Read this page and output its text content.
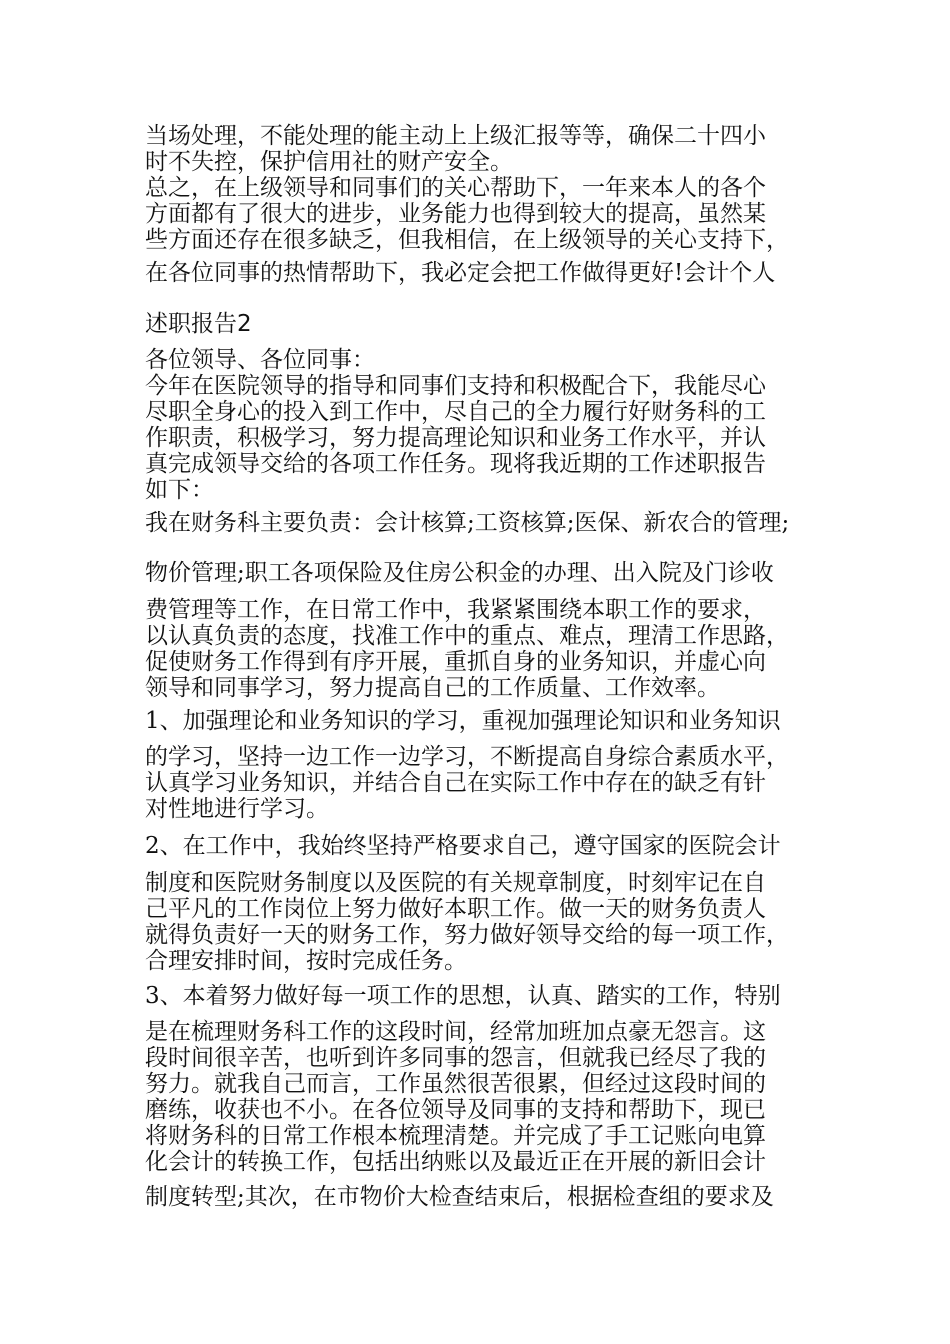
当场处理，不能处理的能主动上上级汇报等等，确保二十四小
时不失控，保护信用社的财产安全。
总之，在上级领导和同事们的关心帮助下，一年来本人的各个
方面都有了很大的进步，业务能力也得到较大的提高，虽然某
些方面还存在很多缺乏，但我相信，在上级领导的关心支持下，
在各位同事的热情帮助下，我必定会把工作做得更好!会计个人
述职报告2
各位领导、各位同事：
今年在医院领导的指导和同事们支持和积极配合下，我能尽心
尽职全身心的投入到工作中，尽自己的全力履行好财务科的工
作职责，积极学习，努力提高理论知识和业务工作水平，并认
真完成领导交给的各项工作任务。现将我近期的工作述职报告
如下：
我在财务科主要负责：会计核算;工资核算;医保、新农合的管理;
物价管理;职工各项保险及住房公积金的办理、出入院及门诊收
费管理等工作，在日常工作中，我紧紧围绕本职工作的要求，
以认真负责的态度，找准工作中的重点、难点，理清工作思路，
促使财务工作得到有序开展，重抓自身的业务知识，并虚心向
领导和同事学习，努力提高自己的工作质量、工作效率。
1、加强理论和业务知识的学习，重视加强理论知识和业务知识
的学习，坚持一边工作一边学习，不断提高自身综合素质水平，
认真学习业务知识，并结合自己在实际工作中存在的缺乏有针
对性地进行学习。
2、在工作中，我始终坚持严格要求自己，遵守国家的医院会计
制度和医院财务制度以及医院的有关规章制度，时刻牢记在自
己平凡的工作岗位上努力做好本职工作。做一天的财务负责人
就得负责好一天的财务工作，努力做好领导交给的每一项工作，
合理安排时间，按时完成任务。
3、本着努力做好每一项工作的思想，认真、踏实的工作，特别
是在梳理财务科工作的这段时间，经常加班加点豪无怨言。这
段时间很辛苦，也听到许多同事的怨言，但就我已经尽了我的
努力。就我自己而言，工作虽然很苦很累，但经过这段时间的
磨练，收获也不小。在各位领导及同事的支持和帮助下，现已
将财务科的日常工作根本梳理清楚。并完成了手工记账向电算
化会计的转换工作，包括出纳账以及最近正在开展的新旧会计
制度转型;其次，在市物价大检查结束后，根据检查组的要求及
